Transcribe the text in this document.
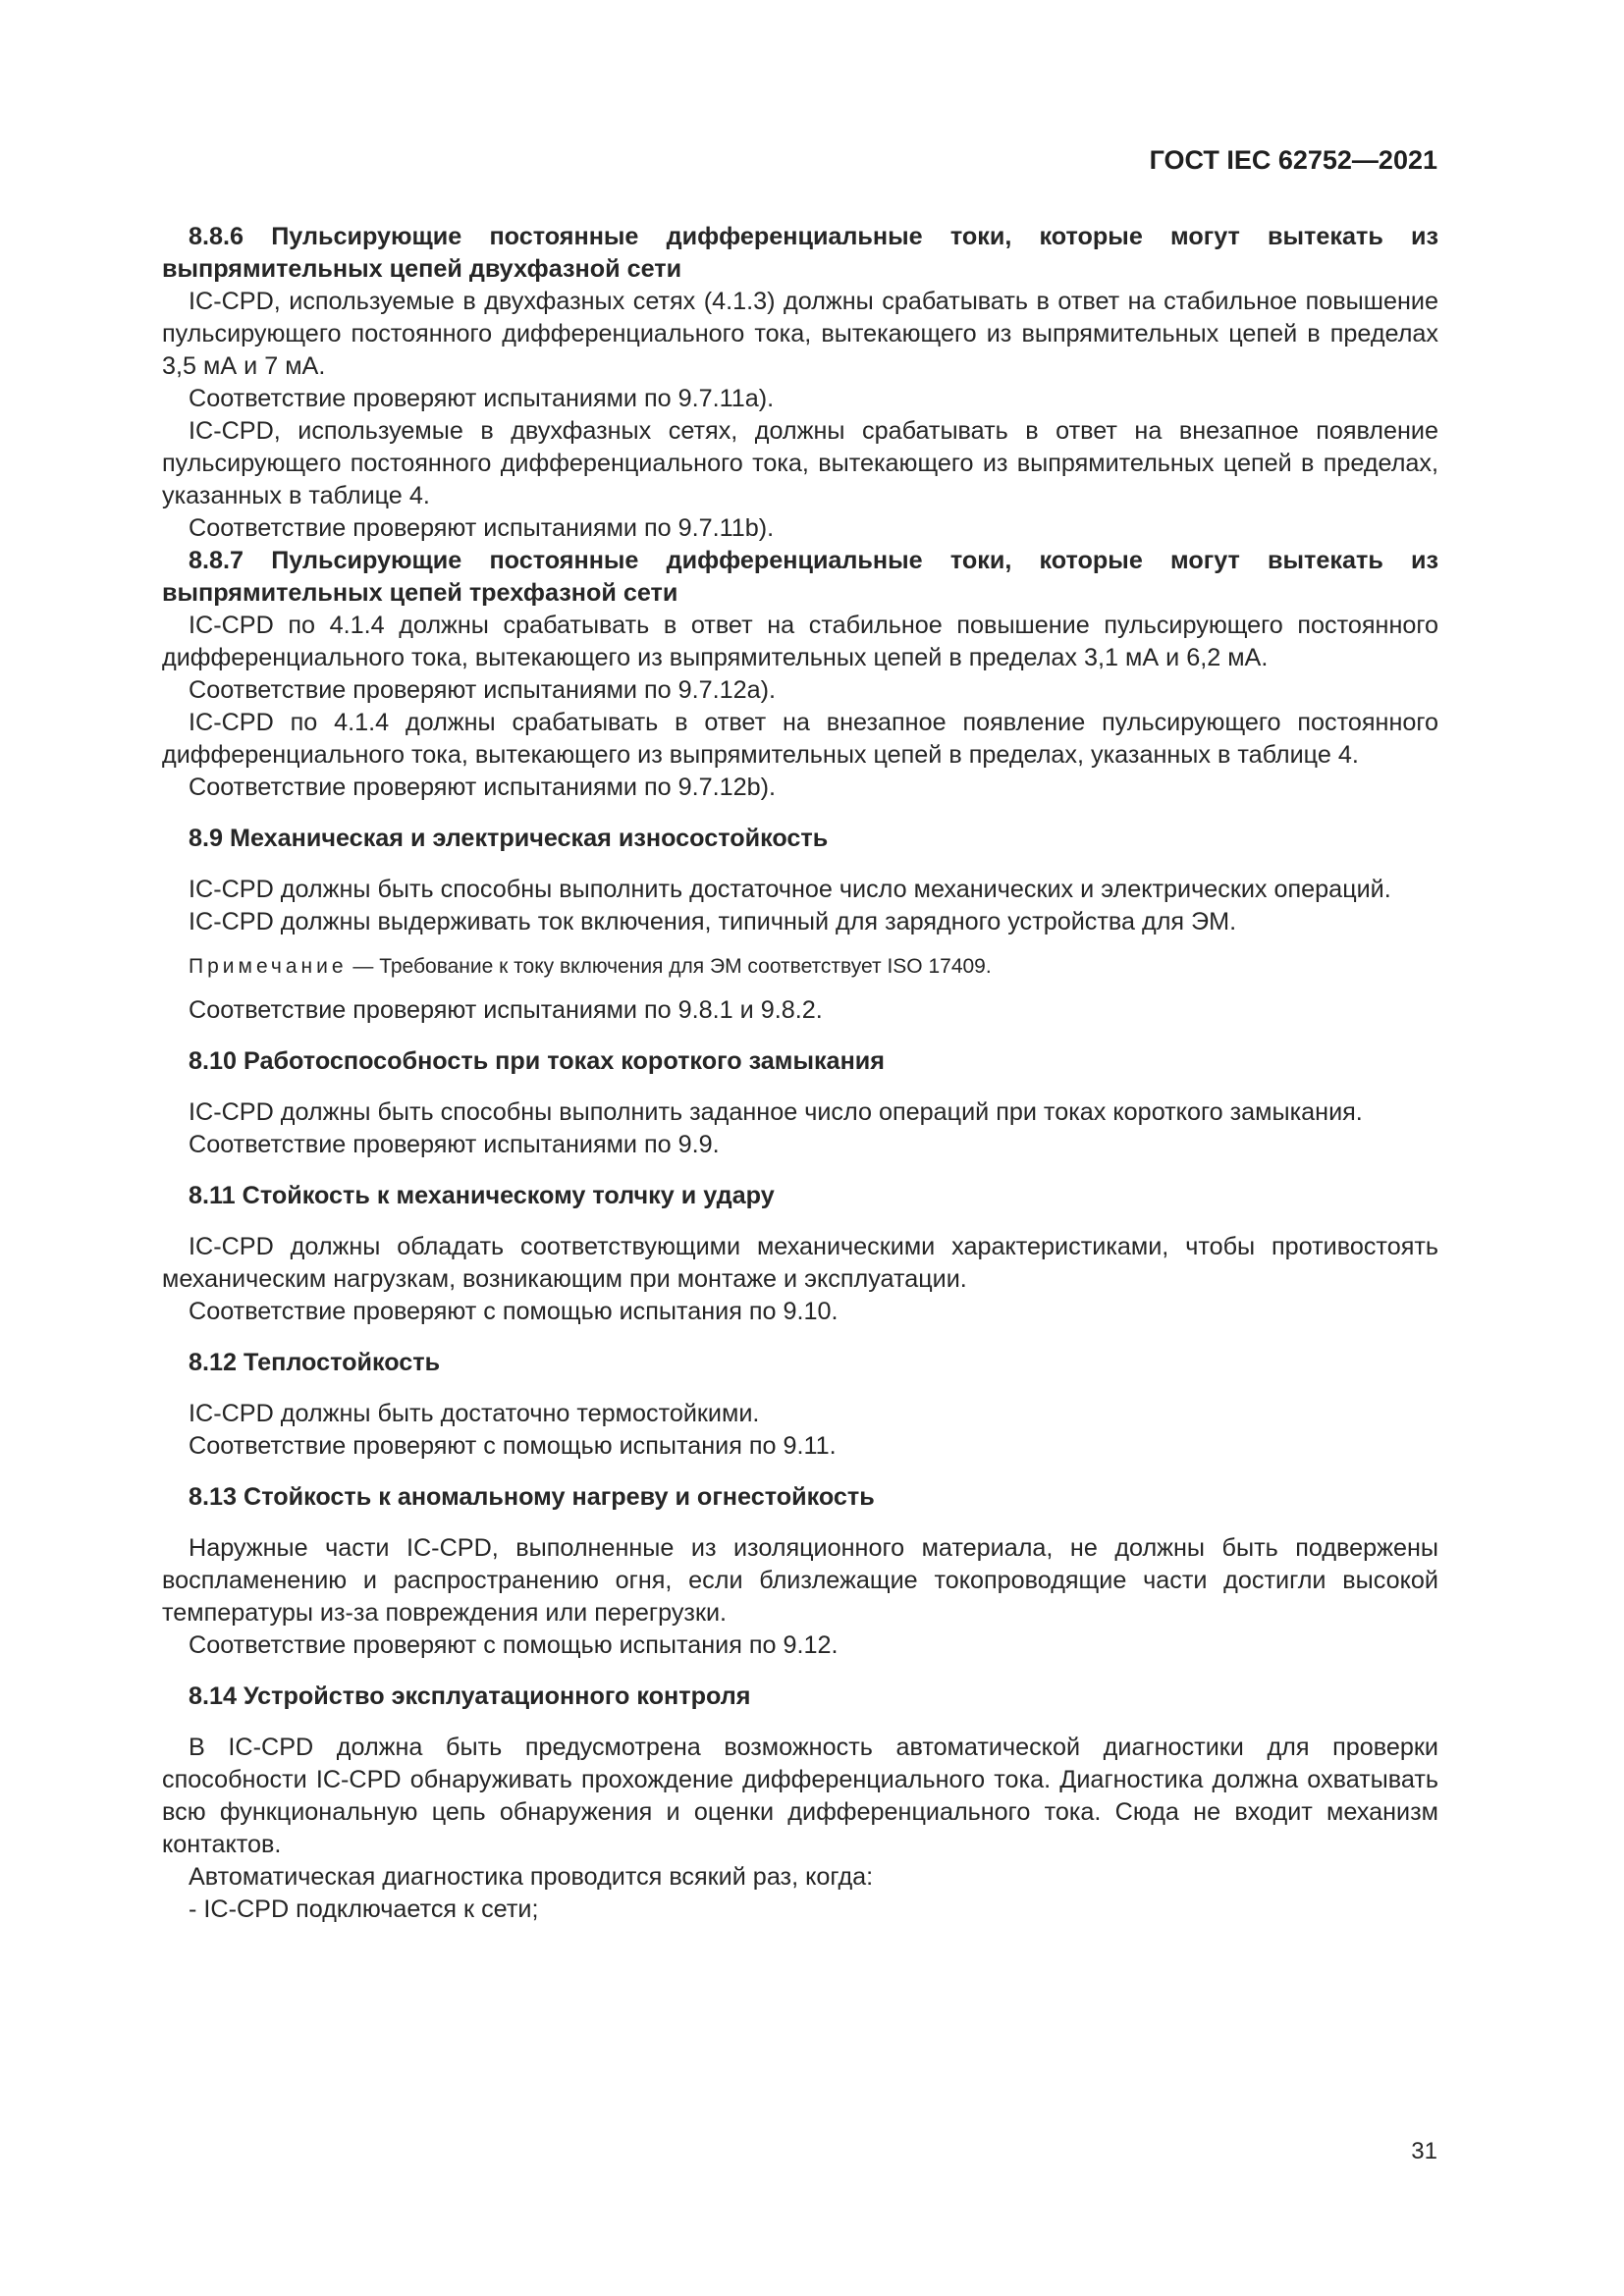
ГОСТ IEC 62752—2021

8.8.6 Пульсирующие постоянные дифференциальные токи, которые могут вытекать из выпрямительных цепей двухфазной сети

IC-CPD, используемые в двухфазных сетях (4.1.3) должны срабатывать в ответ на стабильное повышение пульсирующего постоянного дифференциального тока, вытекающего из выпрямительных цепей в пределах 3,5 мА и 7 мА.

Соответствие проверяют испытаниями по 9.7.11a).

IC-CPD, используемые в двухфазных сетях, должны срабатывать в ответ на внезапное появление пульсирующего постоянного дифференциального тока, вытекающего из выпрямительных цепей в пределах, указанных в таблице 4.

Соответствие проверяют испытаниями по 9.7.11b).

8.8.7 Пульсирующие постоянные дифференциальные токи, которые могут вытекать из выпрямительных цепей трехфазной сети

IC-CPD по 4.1.4 должны срабатывать в ответ на стабильное повышение пульсирующего постоянного дифференциального тока, вытекающего из выпрямительных цепей в пределах 3,1 мА и 6,2 мА.

Соответствие проверяют испытаниями по 9.7.12a).

IC-CPD по 4.1.4 должны срабатывать в ответ на внезапное появление пульсирующего постоянного дифференциального тока, вытекающего из выпрямительных цепей в пределах, указанных в таблице 4.

Соответствие проверяют испытаниями по 9.7.12b).

8.9 Механическая и электрическая износостойкость

IC-CPD должны быть способны выполнить достаточное число механических и электрических операций.

IC-CPD должны выдерживать ток включения, типичный для зарядного устройства для ЭМ.

Примечание — Требование к току включения для ЭМ соответствует ISO 17409.

Соответствие проверяют испытаниями по 9.8.1 и 9.8.2.

8.10 Работоспособность при токах короткого замыкания

IC-CPD должны быть способны выполнить заданное число операций при токах короткого замыкания.

Соответствие проверяют испытаниями по 9.9.

8.11 Стойкость к механическому толчку и удару

IC-CPD должны обладать соответствующими механическими характеристиками, чтобы противостоять механическим нагрузкам, возникающим при монтаже и эксплуатации.

Соответствие проверяют с помощью испытания по 9.10.

8.12 Теплостойкость

IC-CPD должны быть достаточно термостойкими.

Соответствие проверяют с помощью испытания по 9.11.

8.13 Стойкость к аномальному нагреву и огнестойкость

Наружные части IC-CPD, выполненные из изоляционного материала, не должны быть подвержены воспламенению и распространению огня, если близлежащие токопроводящие части достигли высокой температуры из-за повреждения или перегрузки.

Соответствие проверяют с помощью испытания по 9.12.

8.14 Устройство эксплуатационного контроля

В IC-CPD должна быть предусмотрена возможность автоматической диагностики для проверки способности IC-CPD обнаруживать прохождение дифференциального тока. Диагностика должна охватывать всю функциональную цепь обнаружения и оценки дифференциального тока. Сюда не входит механизм контактов.

Автоматическая диагностика проводится всякий раз, когда:

- IC-CPD подключается к сети;

31
